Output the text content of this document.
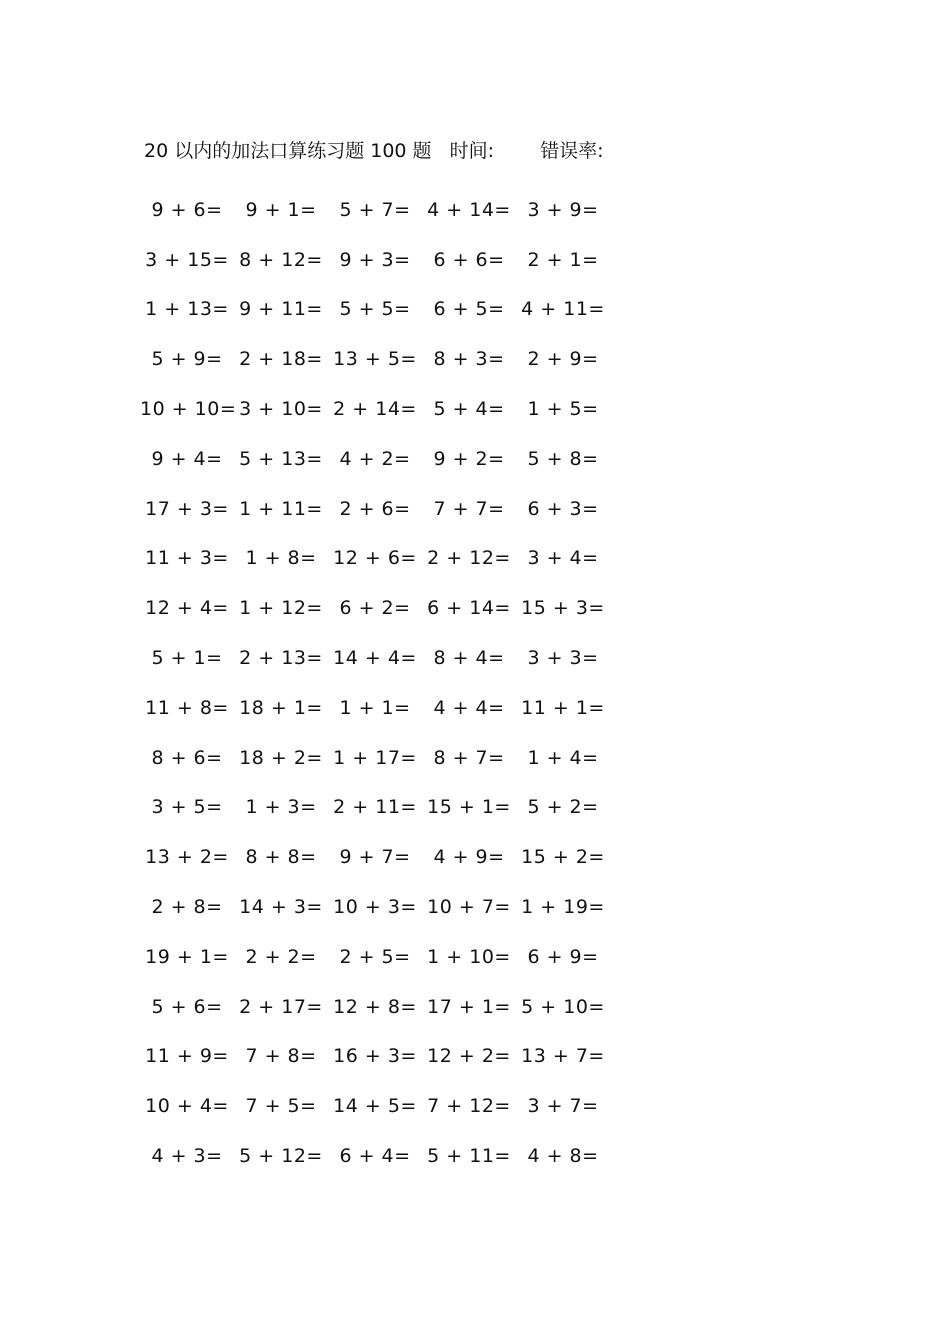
20 以内的加法口算练习题 100 题 时间: 错误率:
9 + 6=	9 + 1=	5 + 7= 4 + 14= 3 + 9=
3 + 15= 8 + 12= 9 + 3=	6 + 6=	2 + 1=
1 + 13= 9 + 11= 5 + 5=	6 + 5= 4 + 11=
5 + 9= 2 + 18= 13 + 5= 8 + 3=	2 + 9=
10 + 10= 3 + 10= 2 + 14= 5 + 4=	1 + 5=
9 + 4= 5 + 13= 4 + 2=	9 + 2=	5 + 8=
17 + 3= 1 + 11= 2 + 6=	7 + 7=	6 + 3=
11 + 3= 1 + 8= 12 + 6= 2 + 12= 3 + 4=
12 + 4= 1 + 12= 6 + 2= 6 + 14= 15 + 3=
5 + 1= 2 + 13= 14 + 4= 8 + 4=	3 + 3=
11 + 8= 18 + 1= 1 + 1=	4 + 4= 11 + 1=
8 + 6= 18 + 2= 1 + 17= 8 + 7=	1 + 4=
3 + 5=	1 + 3= 2 + 11= 15 + 1= 5 + 2=
13 + 2= 8 + 8=	9 + 7=	4 + 9= 15 + 2=
2 + 8= 14 + 3= 10 + 3= 10 + 7= 1 + 19=
19 + 1= 2 + 2=	2 + 5= 1 + 10= 6 + 9=
5 + 6= 2 + 17= 12 + 8= 17 + 1= 5 + 10=
11 + 9= 7 + 8= 16 + 3= 12 + 2= 13 + 7=
10 + 4= 7 + 5= 14 + 5= 7 + 12= 3 + 7=
4 + 3= 5 + 12= 6 + 4= 5 + 11= 4 + 8=
